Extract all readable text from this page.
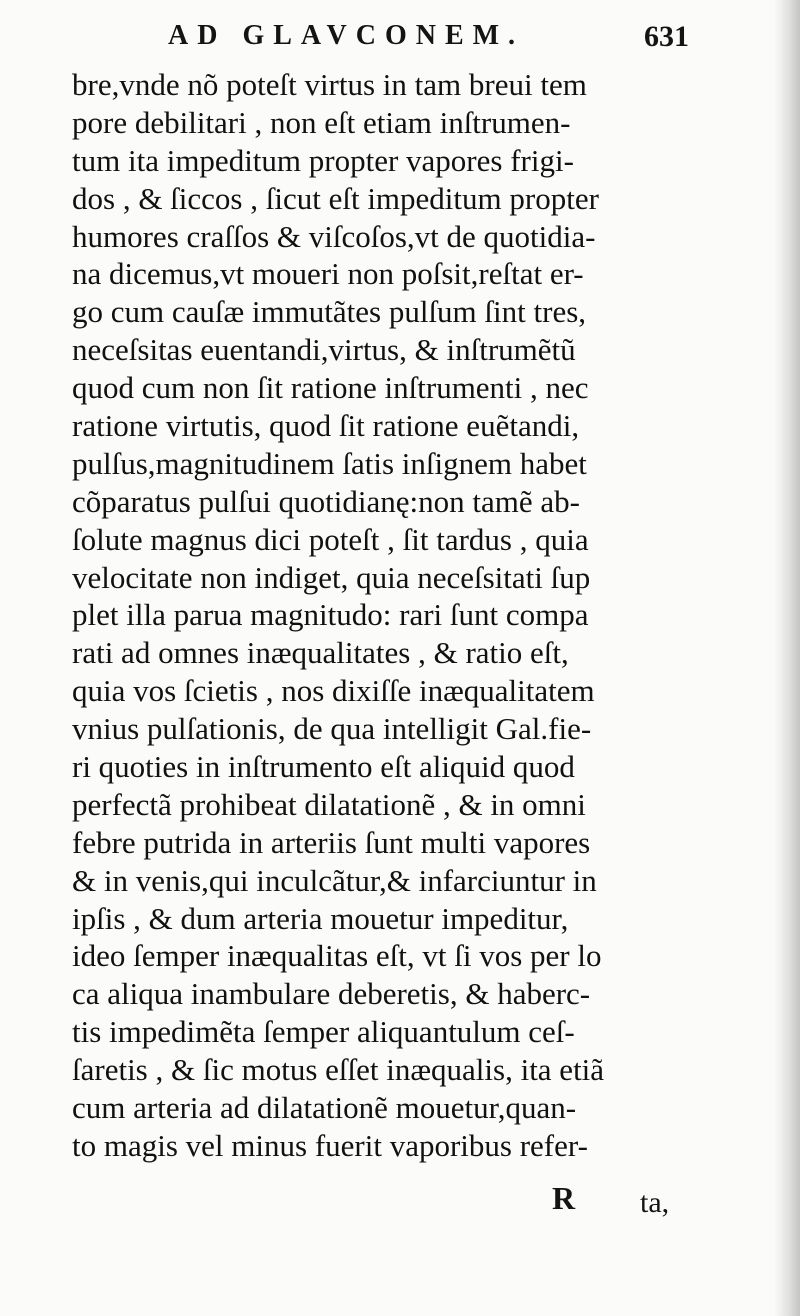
AD GLAVCONEM.	631
bre,vnde nõ poteſt virtus in tam breui tem
pore debilitari , non eſt etiam inſtrumen-
tum ita impeditum propter vapores frigi-
dos , & ſiccos , ſicut eſt impeditum propter
humores craſſos & viſcoſos,vt de quotidia-
na dicemus,vt moueri non poſsit,reſtat er-
go cum cauſæ immutãtes pulſum ſint tres,
neceſsitas euentandi,virtus, & inſtrumẽtũ
quod cum non ſit ratione inſtrumenti , nec
ratione virtutis, quod ſit ratione euẽtandi,
pulſus,magnitudinem ſatis inſignem habet
cõparatus pulſui quotidianę:non tamẽ ab-
ſolute magnus dici poteſt , ſit tardus , quia
velocitate non indiget, quia neceſsitati ſup
plet illa parua magnitudo: rari ſunt compa
rati ad omnes inæqualitates , & ratio eſt,
quia vos ſcietis , nos dixiſſe inæqualitatem
vnius pulſationis, de qua intelligit Gal.fie-
ri quoties in inſtrumento eſt aliquid quod
perfectã prohibeat dilatationẽ , & in omni
febre putrida in arteriis ſunt multi vapores
& in venis,qui inculcãtur,& infarciuntur in
ipſis , & dum arteria mouetur impeditur,
ideo ſemper inæqualitas eſt, vt ſi vos per lo
ca aliqua inambulare deberetis, & haberc-
tis impedimẽta ſemper aliquantulum ceſ-
ſaretis , & ſic motus eſſet inæqualis, ita etiã
cum arteria ad dilatationẽ mouetur,quan-
to magis vel minus fuerit vaporibus refer-
R ta,
